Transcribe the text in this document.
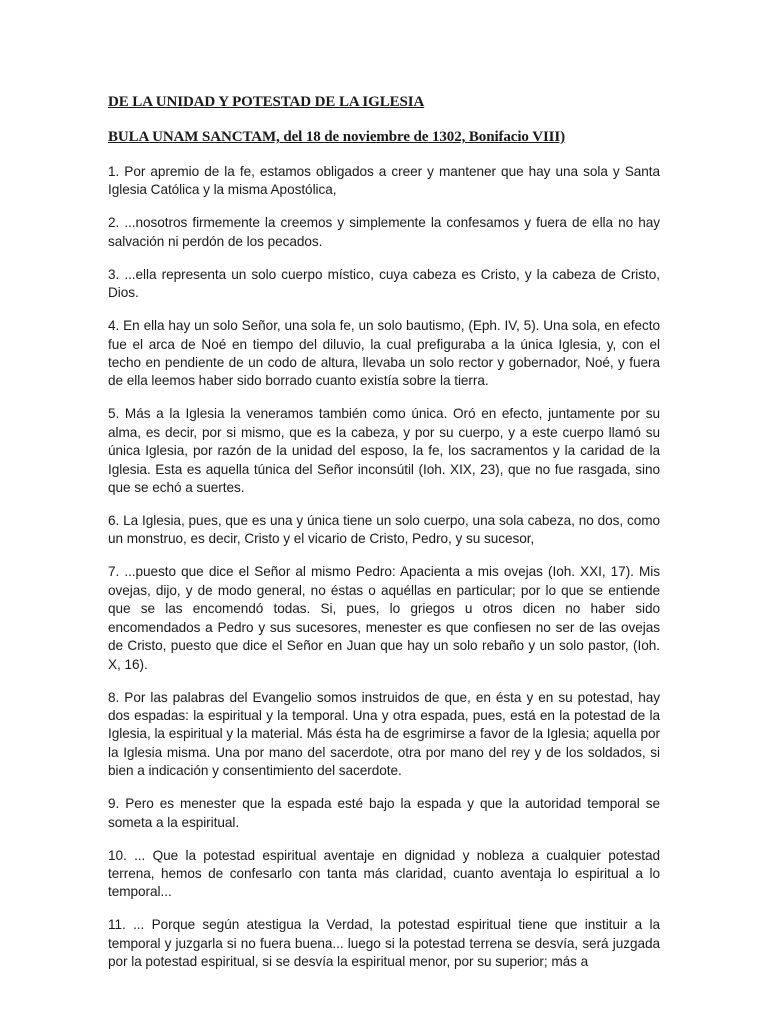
DE LA UNIDAD Y POTESTAD DE LA IGLESIA
BULA UNAM SANCTAM, del 18 de noviembre de 1302, Bonifacio VIII)

1. Por apremio de la fe, estamos obligados a creer y mantener que hay una sola y Santa Iglesia Católica y la misma Apostólica,

2. ...nosotros firmemente la creemos y simplemente la confesamos y fuera de ella no hay salvación ni perdón de los pecados.

3. ...ella representa un solo cuerpo místico, cuya cabeza es Cristo, y la cabeza de Cristo, Dios.

4. En ella hay un solo Señor, una sola fe, un solo bautismo, (Eph. IV, 5). Una sola, en efecto fue el arca de Noé en tiempo del diluvio, la cual prefiguraba a la única Iglesia, y, con el techo en pendiente de un codo de altura, llevaba un solo rector y gobernador, Noé, y fuera de ella leemos haber sido borrado cuanto existía sobre la tierra.

5. Más a la Iglesia la veneramos también como única. Oró en efecto, juntamente por su alma, es decir, por si mismo, que es la cabeza, y por su cuerpo, y a este cuerpo llamó su única Iglesia, por razón de la unidad del esposo, la fe, los sacramentos y la caridad de la Iglesia. Esta es aquella túnica del Señor inconsútil (Ioh. XIX, 23), que no fue rasgada, sino que se echó a suertes.

6. La Iglesia, pues, que es una y única tiene un solo cuerpo, una sola cabeza, no dos, como un monstruo, es decir, Cristo y el vicario de Cristo, Pedro, y su sucesor,

7. ...puesto que dice el Señor al mismo Pedro: Apacienta a mis ovejas (Ioh. XXI, 17). Mis ovejas, dijo, y de modo general, no éstas o aquéllas en particular; por lo que se entiende que se las encomendó todas. Si, pues, lo griegos u otros dicen no haber sido encomendados a Pedro y sus sucesores, menester es que confiesen no ser de las ovejas de Cristo, puesto que dice el Señor en Juan que hay un solo rebaño y un solo pastor, (Ioh. X, 16).

8. Por las palabras del Evangelio somos instruidos de que, en ésta y en su potestad, hay dos espadas: la espiritual y la temporal. Una y otra espada, pues, está en la potestad de la Iglesia, la espiritual y la material. Más ésta ha de esgrimirse a favor de la Iglesia; aquella por la Iglesia misma. Una por mano del sacerdote, otra por mano del rey y de los soldados, si bien a indicación y consentimiento del sacerdote.

9. Pero es menester que la espada esté bajo la espada y que la autoridad temporal se someta a la espiritual.

10. ... Que la potestad espiritual aventaje en dignidad y nobleza a cualquier potestad terrena, hemos de confesarlo con tanta más claridad, cuanto aventaja lo espiritual a lo temporal...

11. ... Porque según atestigua la Verdad, la potestad espiritual tiene que instituir a la temporal y juzgarla si no fuera buena... luego si la potestad terrena se desvía, será juzgada por la potestad espiritual, si se desvía la espiritual menor, por su superior; más a
